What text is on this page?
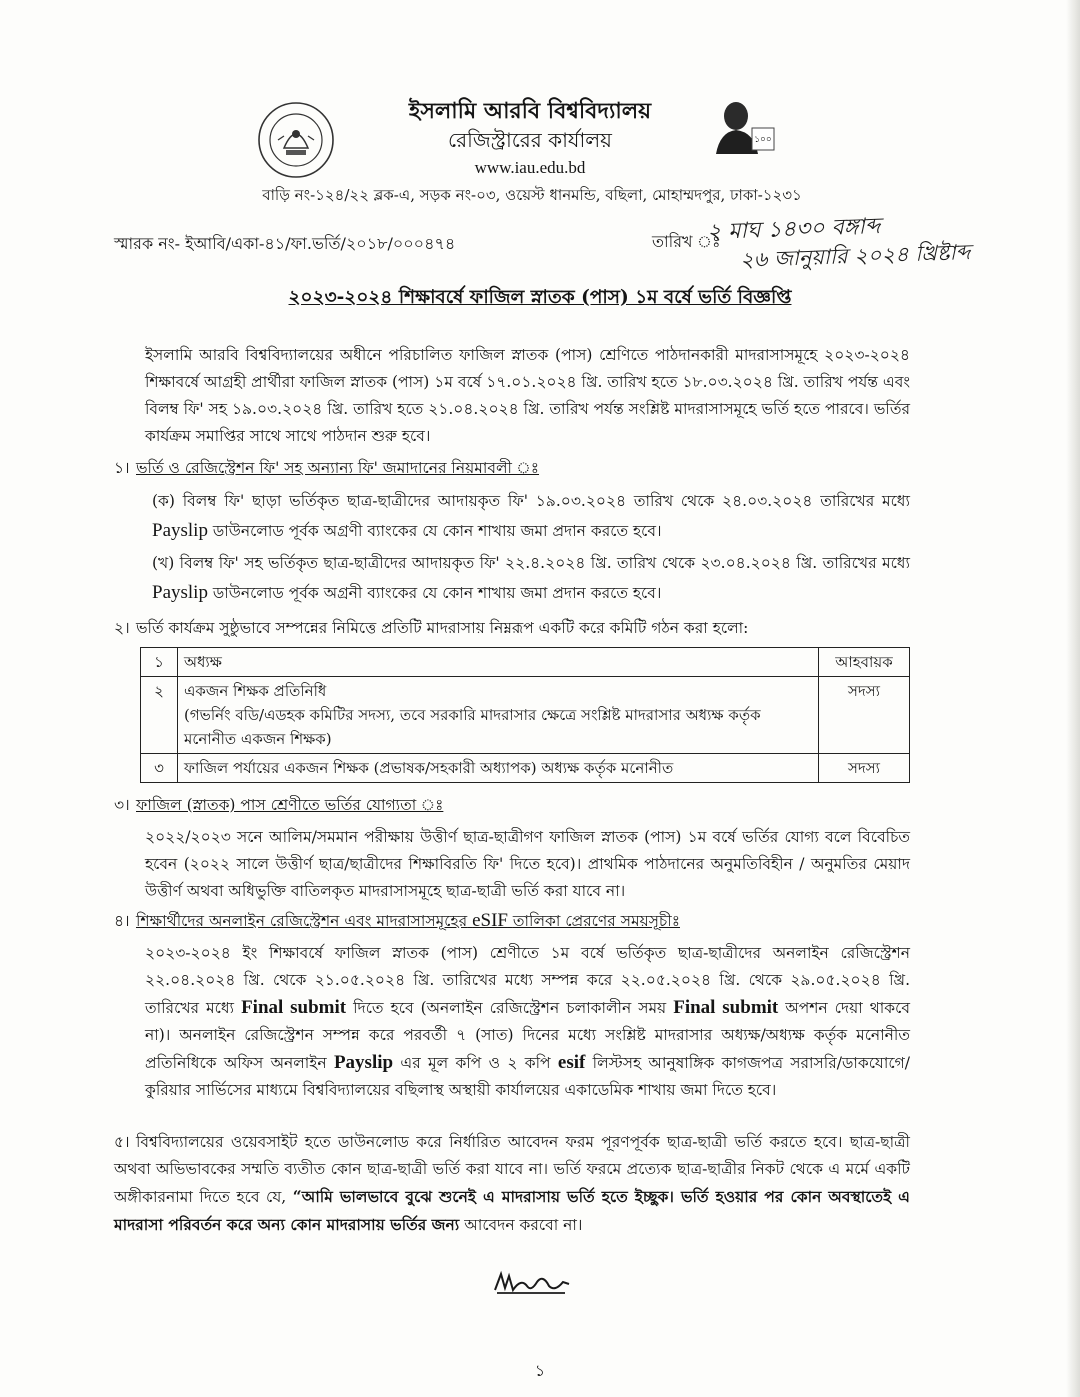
১০০
ইসলামি আরবি বিশ্ববিদ্যালয়
রেজিস্ট্রারের কার্যালয়
www.iau.edu.bd
বাড়ি নং-১২৪/২২ ব্লক-এ, সড়ক নং-০৩, ওয়েস্ট ধানমন্ডি, বছিলা, মোহাম্মদপুর, ঢাকা-১২৩১
স্মারক নং- ইআবি/একা-৪১/ফা.ভর্তি/২০১৮/০০০৪৭৪	তারিখ ঃ
২ মাঘ ১৪৩০ বঙ্গাব্দ
২৬ জানুয়ারি ২০২৪ খ্রিষ্টাব্দ
২০২৩-২০২৪ শিক্ষাবর্ষে ফাজিল স্নাতক (পাস) ১ম বর্ষে ভর্তি বিজ্ঞপ্তি
ইসলামি আরবি বিশ্ববিদ্যালয়ের অধীনে পরিচালিত ফাজিল স্নাতক (পাস) শ্রেণিতে পাঠদানকারী মাদরাসাসমূহে ২০২৩-২০২৪ শিক্ষাবর্ষে আগ্রহী প্রার্থীরা ফাজিল স্নাতক (পাস) ১ম বর্ষে ১৭.০১.২০২৪ খ্রি. তারিখ হতে ১৮.০৩.২০২৪ খ্রি. তারিখ পর্যন্ত এবং বিলম্ব ফি' সহ ১৯.০৩.২০২৪ খ্রি. তারিখ হতে ২১.০৪.২০২৪ খ্রি. তারিখ পর্যন্ত সংশ্লিষ্ট মাদরাসাসমূহে ভর্তি হতে পারবে। ভর্তির কার্যক্রম সমাপ্তির সাথে সাথে পাঠদান শুরু হবে।
১। ভর্তি ও রেজিস্ট্রেশন ফি' সহ অন্যান্য ফি' জমাদানের নিয়মাবলী ঃ
(ক) বিলম্ব ফি' ছাড়া ভর্তিকৃত ছাত্র-ছাত্রীদের আদায়কৃত ফি' ১৯.০৩.২০২৪ তারিখ থেকে ২৪.০৩.২০২৪ তারিখের মধ্যে Payslip ডাউনলোড পূর্বক অগ্রণী ব্যাংকের যে কোন শাখায় জমা প্রদান করতে হবে।
(খ) বিলম্ব ফি' সহ ভর্তিকৃত ছাত্র-ছাত্রীদের আদায়কৃত ফি' ২২.৪.২০২৪ খ্রি. তারিখ থেকে ২৩.০৪.২০২৪ খ্রি. তারিখের মধ্যে Payslip ডাউনলোড পূর্বক অগ্রনী ব্যাংকের যে কোন শাখায় জমা প্রদান করতে হবে।
২। ভর্তি কার্যক্রম সুষ্ঠুভাবে সম্পন্নের নিমিত্তে প্রতিটি মাদরাসায় নিম্নরূপ একটি করে কমিটি গঠন করা হলো:
১	অধ্যক্ষ	আহবায়ক
২	একজন শিক্ষক প্রতিনিধি
(গভর্নিং বডি/এডহক কমিটির সদস্য, তবে সরকারি মাদরাসার ক্ষেত্রে সংশ্লিষ্ট মাদরাসার অধ্যক্ষ কর্তৃক মনোনীত একজন শিক্ষক)	সদস্য
৩	ফাজিল পর্যায়ের একজন শিক্ষক (প্রভাষক/সহকারী অধ্যাপক) অধ্যক্ষ কর্তৃক মনোনীত	সদস্য
৩। ফাজিল (স্নাতক) পাস শ্রেণীতে ভর্তির যোগ্যতা ঃ
২০২২/২০২৩ সনে আলিম/সমমান পরীক্ষায় উত্তীর্ণ ছাত্র-ছাত্রীগণ ফাজিল স্নাতক (পাস) ১ম বর্ষে ভর্তির যোগ্য বলে বিবেচিত হবেন (২০২২ সালে উত্তীর্ণ ছাত্র/ছাত্রীদের শিক্ষাবিরতি ফি' দিতে হবে)। প্রাথমিক পাঠদানের অনুমতিবিহীন / অনুমতির মেয়াদ উত্তীর্ণ অথবা অধিভুক্তি বাতিলকৃত মাদরাসাসমূহে ছাত্র-ছাত্রী ভর্তি করা যাবে না।
৪। শিক্ষার্থীদের অনলাইন রেজিস্ট্রেশন এবং মাদরাসাসমূহের eSIF তালিকা প্রেরণের সময়সূচীঃ
২০২৩-২০২৪ ইং শিক্ষাবর্ষে ফাজিল স্নাতক (পাস) শ্রেণীতে ১ম বর্ষে ভর্তিকৃত ছাত্র-ছাত্রীদের অনলাইন রেজিস্ট্রেশন ২২.০৪.২০২৪ খ্রি. থেকে ২১.০৫.২০২৪ খ্রি. তারিখের মধ্যে সম্পন্ন করে ২২.০৫.২০২৪ খ্রি. থেকে ২৯.০৫.২০২৪ খ্রি. তারিখের মধ্যে Final submit দিতে হবে (অনলাইন রেজিস্ট্রেশন চলাকালীন সময় Final submit অপশন দেয়া থাকবে না)। অনলাইন রেজিস্ট্রেশন সম্পন্ন করে পরবর্তী ৭ (সাত) দিনের মধ্যে সংশ্লিষ্ট মাদরাসার অধ্যক্ষ/অধ্যক্ষ কর্তৃক মনোনীত প্রতিনিধিকে অফিস অনলাইন Payslip এর মূল কপি ও ২ কপি esif লিস্টসহ আনুষাঙ্গিক কাগজপত্র সরাসরি/ডাকযোগে/কুরিয়ার সার্ভিসের মাধ্যমে বিশ্ববিদ্যালয়ের বছিলাস্থ অস্থায়ী কার্যালয়ের একাডেমিক শাখায় জমা দিতে হবে।
৫। বিশ্ববিদ্যালয়ের ওয়েবসাইট হতে ডাউনলোড করে নির্ধারিত আবেদন ফরম পূরণপূর্বক ছাত্র-ছাত্রী ভর্তি করতে হবে। ছাত্র-ছাত্রী অথবা অভিভাবকের সম্মতি ব্যতীত কোন ছাত্র-ছাত্রী ভর্তি করা যাবে না। ভর্তি ফরমে প্রত্যেক ছাত্র-ছাত্রীর নিকট থেকে এ মর্মে একটি অঙ্গীকারনামা দিতে হবে যে, “আমি ভালভাবে বুঝে শুনেই এ মাদরাসায় ভর্তি হতে ইচ্ছুক। ভর্তি হওয়ার পর কোন অবস্থাতেই এ মাদরাসা পরিবর্তন করে অন্য কোন মাদরাসায় ভর্তির জন্য আবেদন করবো না।
১
